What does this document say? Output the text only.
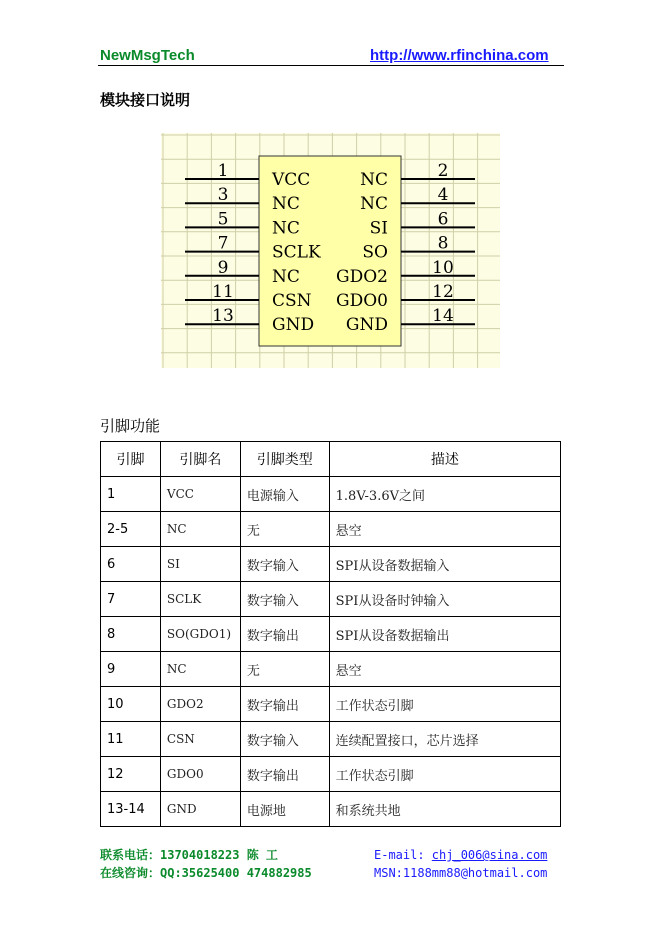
NewMsgTech	http://www.rfinchina.com
模块接口说明
1	2
VCC	NC
3	4
NC	NC
5	6
NC	SI
7	8
SCLK SO
9	10
NC GDO2
11	12
CSN GDO0
13	14
GND GND
引脚功能
引脚	引脚名	引脚类型	描述
1	VCC	电源输入	1.8V-3.6V之间
2-5	NC	无	悬空
6	SI	数字输入	SPI从设备数据输入
7	SCLK	数字输入	SPI从设备时钟输入
8	SO(GDO1)	数字输出	SPI从设备数据输出
9	NC	无	悬空
10	GDO2	数字输出	工作状态引脚
11	CSN	数字输入	连续配置接口，芯片选择
12	GDO0	数字输出	工作状态引脚
13-14	GND	电源地	和系统共地
联系电话：13704018223 陈 工	E-mail: chj_006@sina.com
在线咨询：QQ:35625400 474882985	MSN:1188mm88@hotmail.com
